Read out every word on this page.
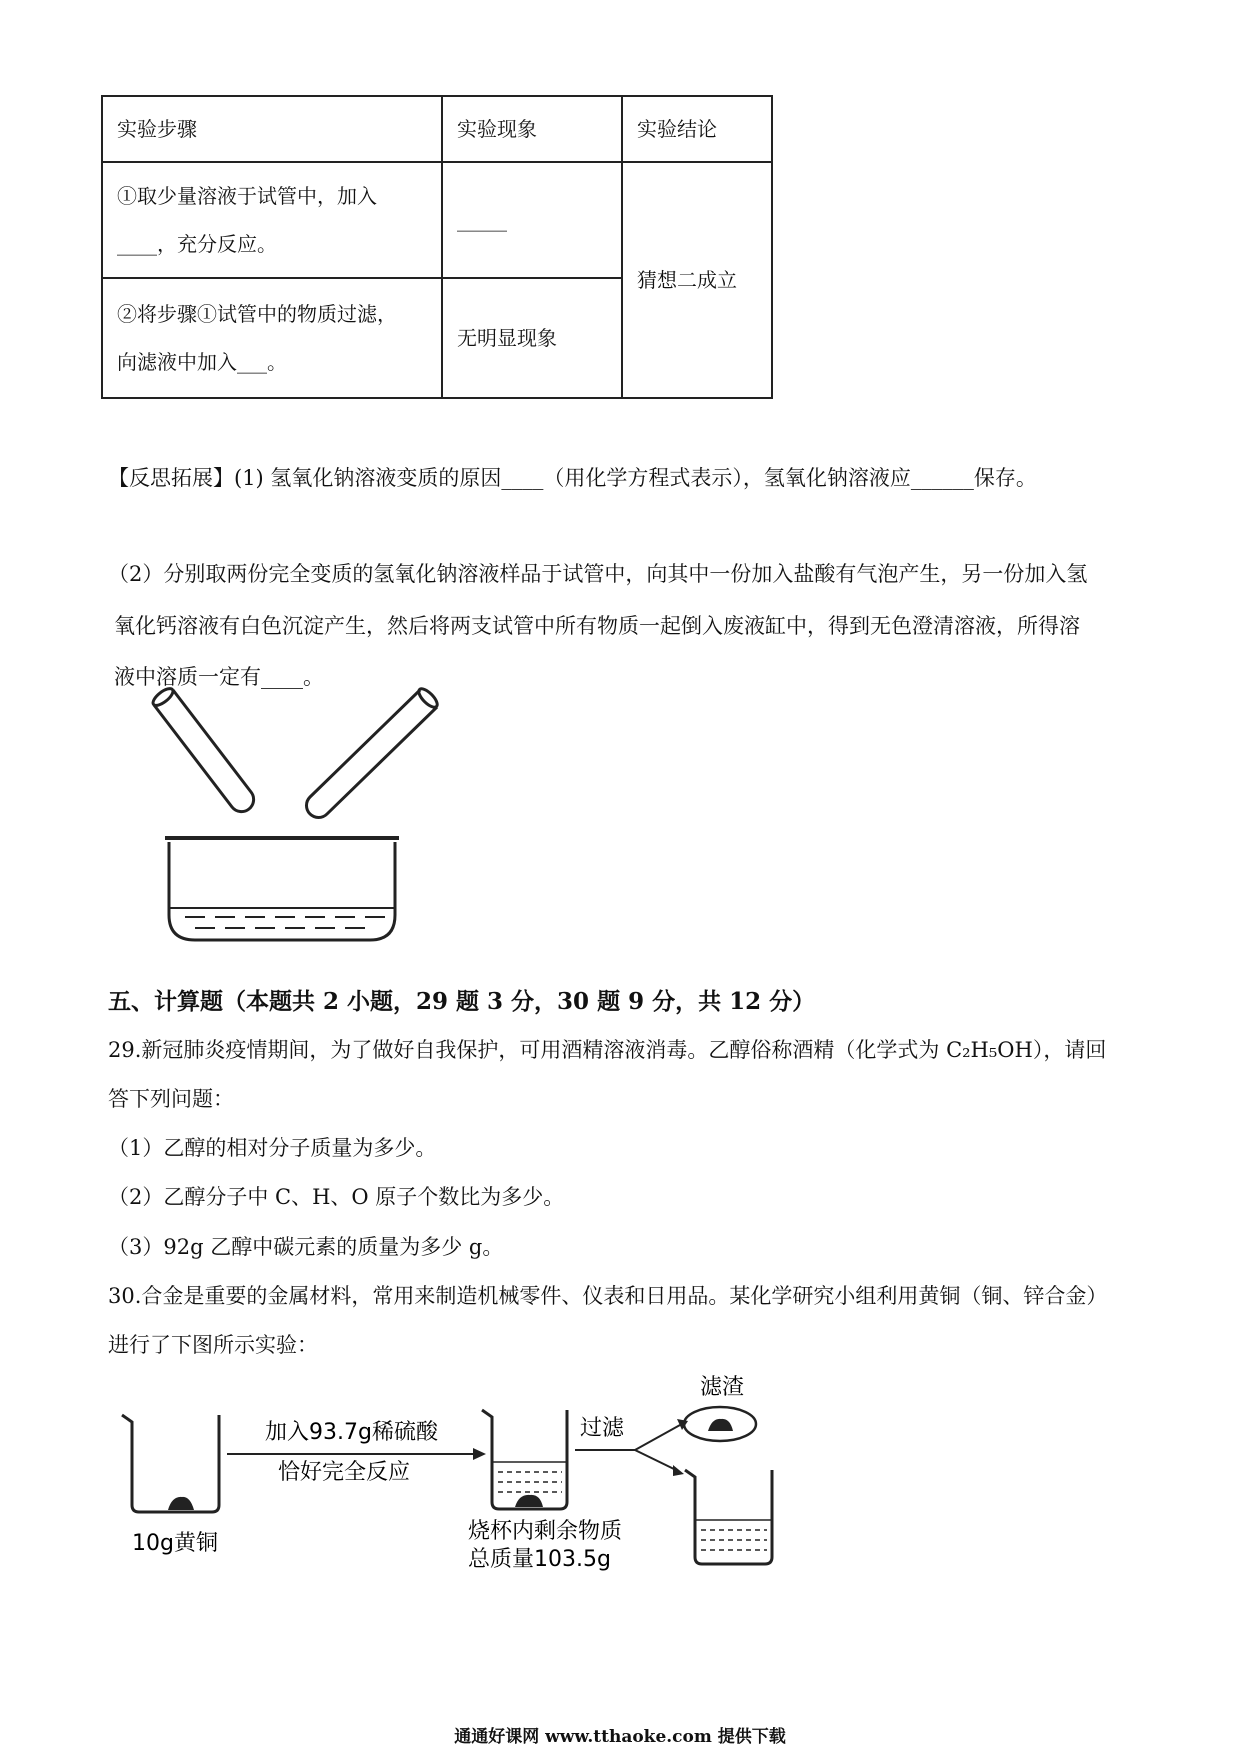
实验步骤	实验现象	实验结论

①取少量溶液于试管中，加入
____，充分反应。	_____	猜想二成立

②将步骤①试管中的物质过滤，
向滤液中加入___。	无明显现象	
【反思拓展】(1) 氢氧化钠溶液变质的原因____（用化学方程式表示），氢氧化钠溶液应______保存。
（2）分别取两份完全变质的氢氧化钠溶液样品于试管中，向其中一份加入盐酸有气泡产生，另一份加入氢
氧化钙溶液有白色沉淀产生，然后将两支试管中所有物质一起倒入废液缸中，得到无色澄清溶液，所得溶
液中溶质一定有____。
五、计算题（本题共 2 小题，29 题 3 分，30 题 9 分，共 12 分）
29.新冠肺炎疫情期间，为了做好自我保护，可用酒精溶液消毒。乙醇俗称酒精（化学式为 C₂H₅OH），请回
答下列问题：
（1）乙醇的相对分子质量为多少。
（2）乙醇分子中 C、H、O 原子个数比为多少。
（3）92g 乙醇中碳元素的质量为多少 g。
30.合金是重要的金属材料，常用来制造机械零件、仪表和日用品。某化学研究小组利用黄铜（铜、锌合金）
进行了下图所示实验：
10g黄铜
加入93.7g稀硫酸
恰好完全反应
烧杯内剩余物质
总质量103.5g
过滤
滤渣
通通好课网 www.tthaoke.com 提供下载
